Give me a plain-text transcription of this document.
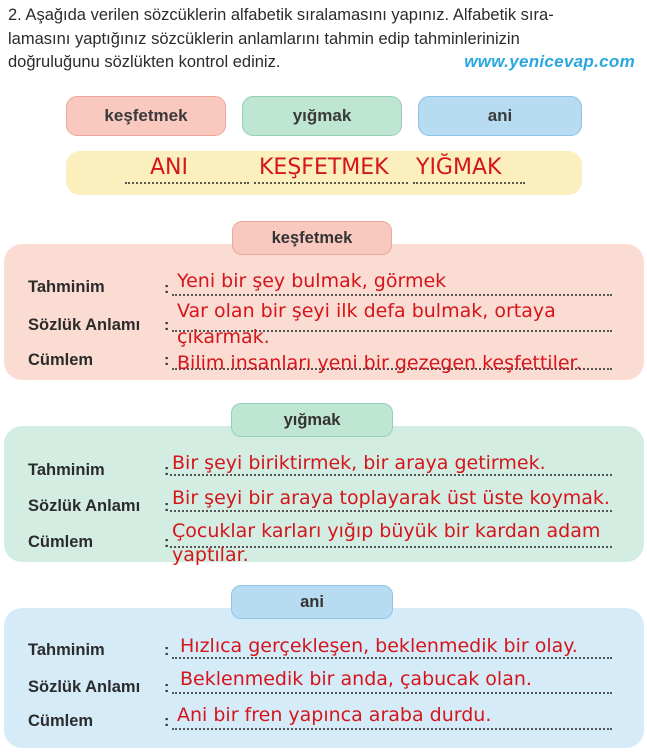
2. Aşağıda verilen sözcüklerin alfabetik sıralamasını yapınız. Alfabetik sıra-
lamasını yaptığınız sözcüklerin anlamlarını tahmin edip tahminlerinizin
doğruluğunu sözlükten kontrol ediniz.	www.yenicevap.com
keşfetmek	yığmak	ani
ANI	KEŞFETMEK YIĞMAK
keşfetmek
Tahminim	: Yeni bir şey bulmak, görmek
Sözlük Anlamı :
Var olan bir şeyi ilk defa bulmak, ortaya
çıkarmak.
Cümlem	: Bilim insanları yeni bir gezegen keşfettiler.
yığmak
Tahminim	: Bir şeyi biriktirmek, bir araya getirmek.
Sözlük Anlamı : Bir şeyi bir araya toplayarak üst üste koymak.
Cümlem	:
Çocuklar karları yığıp büyük bir kardan adam
yaptılar.
ani
Tahminim	: Hızlıca gerçekleşen, beklenmedik bir olay.
Sözlük Anlamı : Beklenmedik bir anda, çabucak olan.
Cümlem	: Ani bir fren yapınca araba durdu.
